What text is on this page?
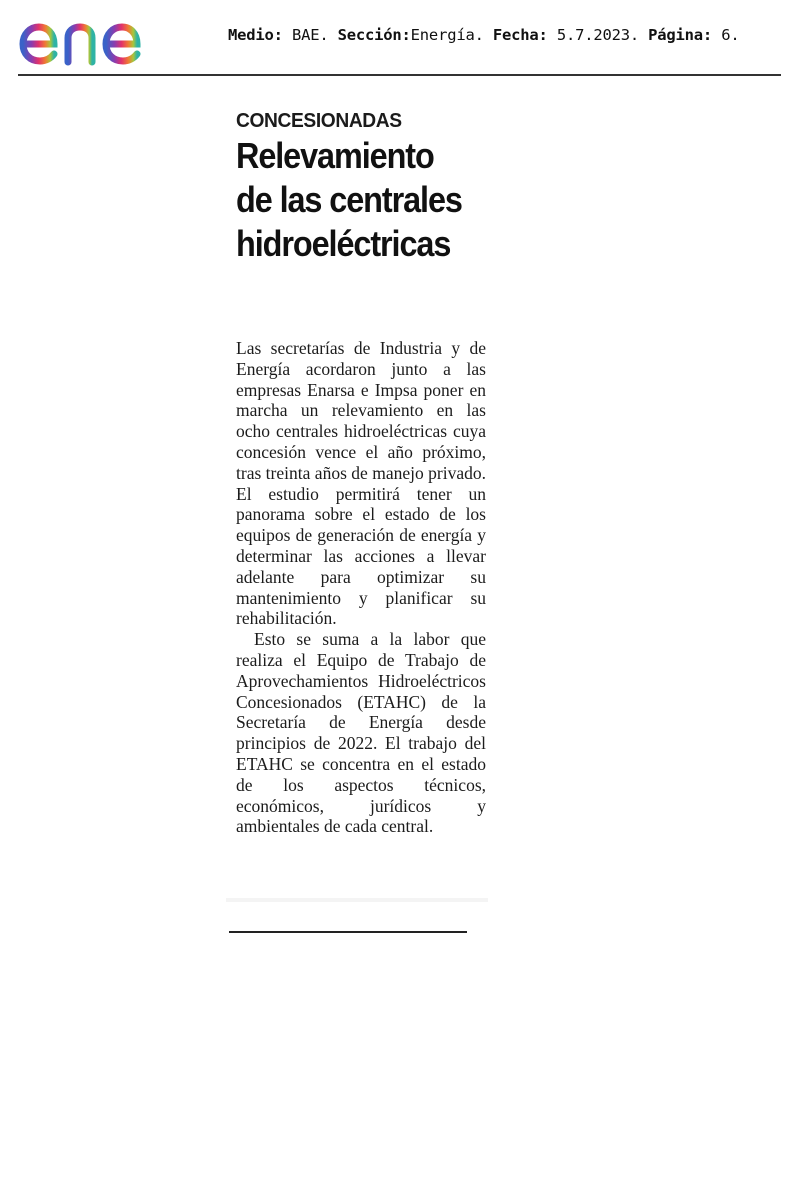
enel
Medio: BAE. Sección:Energía. Fecha: 5.7.2023. Página: 6.
CONCESIONADAS
Relevamiento
de las centrales
hidroeléctricas

Las secretarías de Industria y de Energía acordaron junto a las empresas Enarsa e Impsa poner en marcha un relevamiento en las ocho centrales hidroeléctricas cuya concesión vence el año próximo, tras treinta años de manejo privado. El estudio permitirá tener un panorama sobre el estado de los equipos de generación de energía y determinar las acciones a llevar adelante para optimizar su mantenimiento y planificar su rehabilitación.

Esto se suma a la labor que realiza el Equipo de Trabajo de Aprovechamientos Hidroeléctricos Concesionados (ETAHC) de la Secretaría de Energía desde principios de 2022. El trabajo del ETAHC se concentra en el estado de los aspectos técnicos, económicos, jurídicos y ambientales de cada central.
